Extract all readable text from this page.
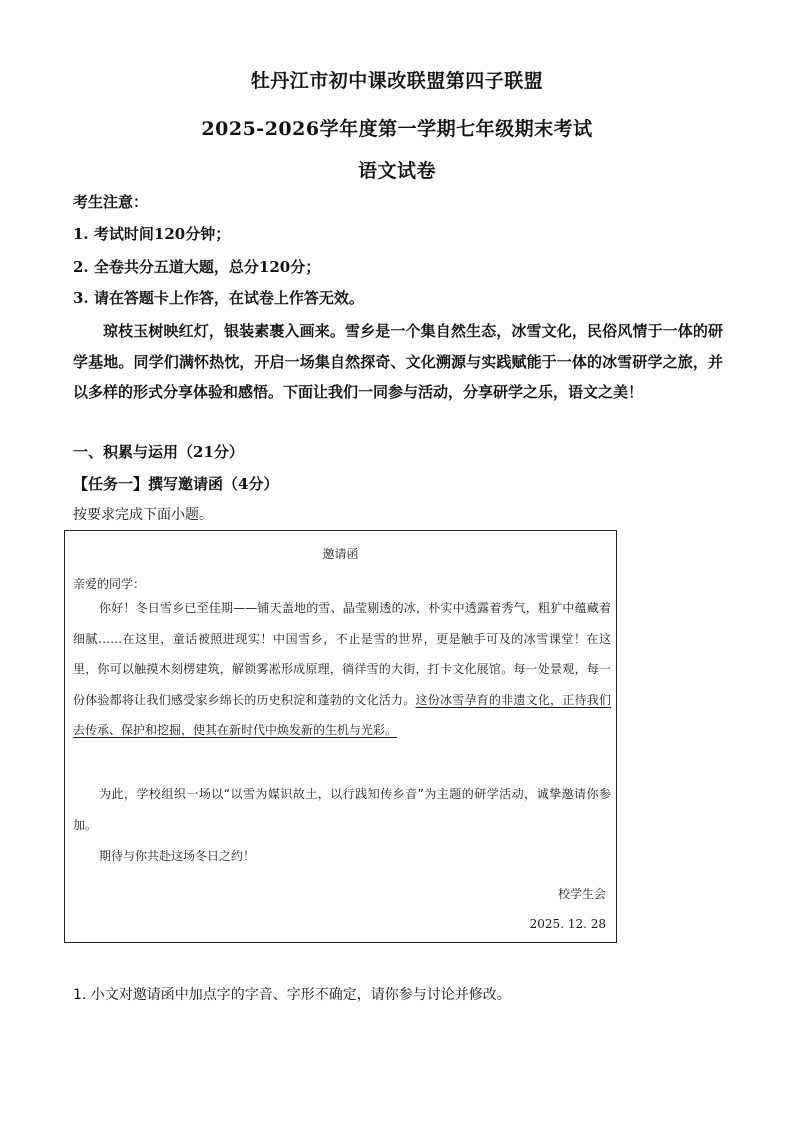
牡丹江市初中课改联盟第四子联盟
2025-2026学年度第一学期七年级期末考试
语文试卷
考生注意：
1. 考试时间120分钟；
2. 全卷共分五道大题，总分120分；
3. 请在答题卡上作答，在试卷上作答无效。
琼枝玉树映红灯，银装素裹入画来。雪乡是一个集自然生态，冰雪文化，民俗风情于一体的研学基地。同学们满怀热忱，开启一场集自然探奇、文化溯源与实践赋能于一体的冰雪研学之旅，并以多样的形式分享体验和感悟。下面让我们一同参与活动，分享研学之乐，语文之美！
一、积累与运用（21分）
【任务一】撰写邀请函（4分）
按要求完成下面小题。
邀请函
亲爱的同学：
你好！冬日雪乡已至佳期——铺天盖地的雪、晶莹剔透的冰，朴实中透露着秀气，粗犷中蕴藏着细腻……在这里，童话被照进现实！中国雪乡，不止是雪的世界，更是触手可及的冰雪课堂！在这里，你可以触摸木刻楞建筑，解锁雾凇形成原理，徜徉雪的大街，打卡文化展馆。每一处景观，每一份体验都将让我们感受家乡绵长的历史积淀和蓬勃的文化活力。这份冰雪孕育的非遗文化，正待我们去传承、保护和挖掘，使其在新时代中焕发新的生机与光彩。
为此，学校组织一场以“以雪为媒识故土，以行践知传乡音”为主题的研学活动，诚挚邀请你参加。
期待与你共赴这场冬日之约！
校学生会
2025. 12. 28
1. 小文对邀请函中加点字的字音、字形不确定，请你参与讨论并修改。
